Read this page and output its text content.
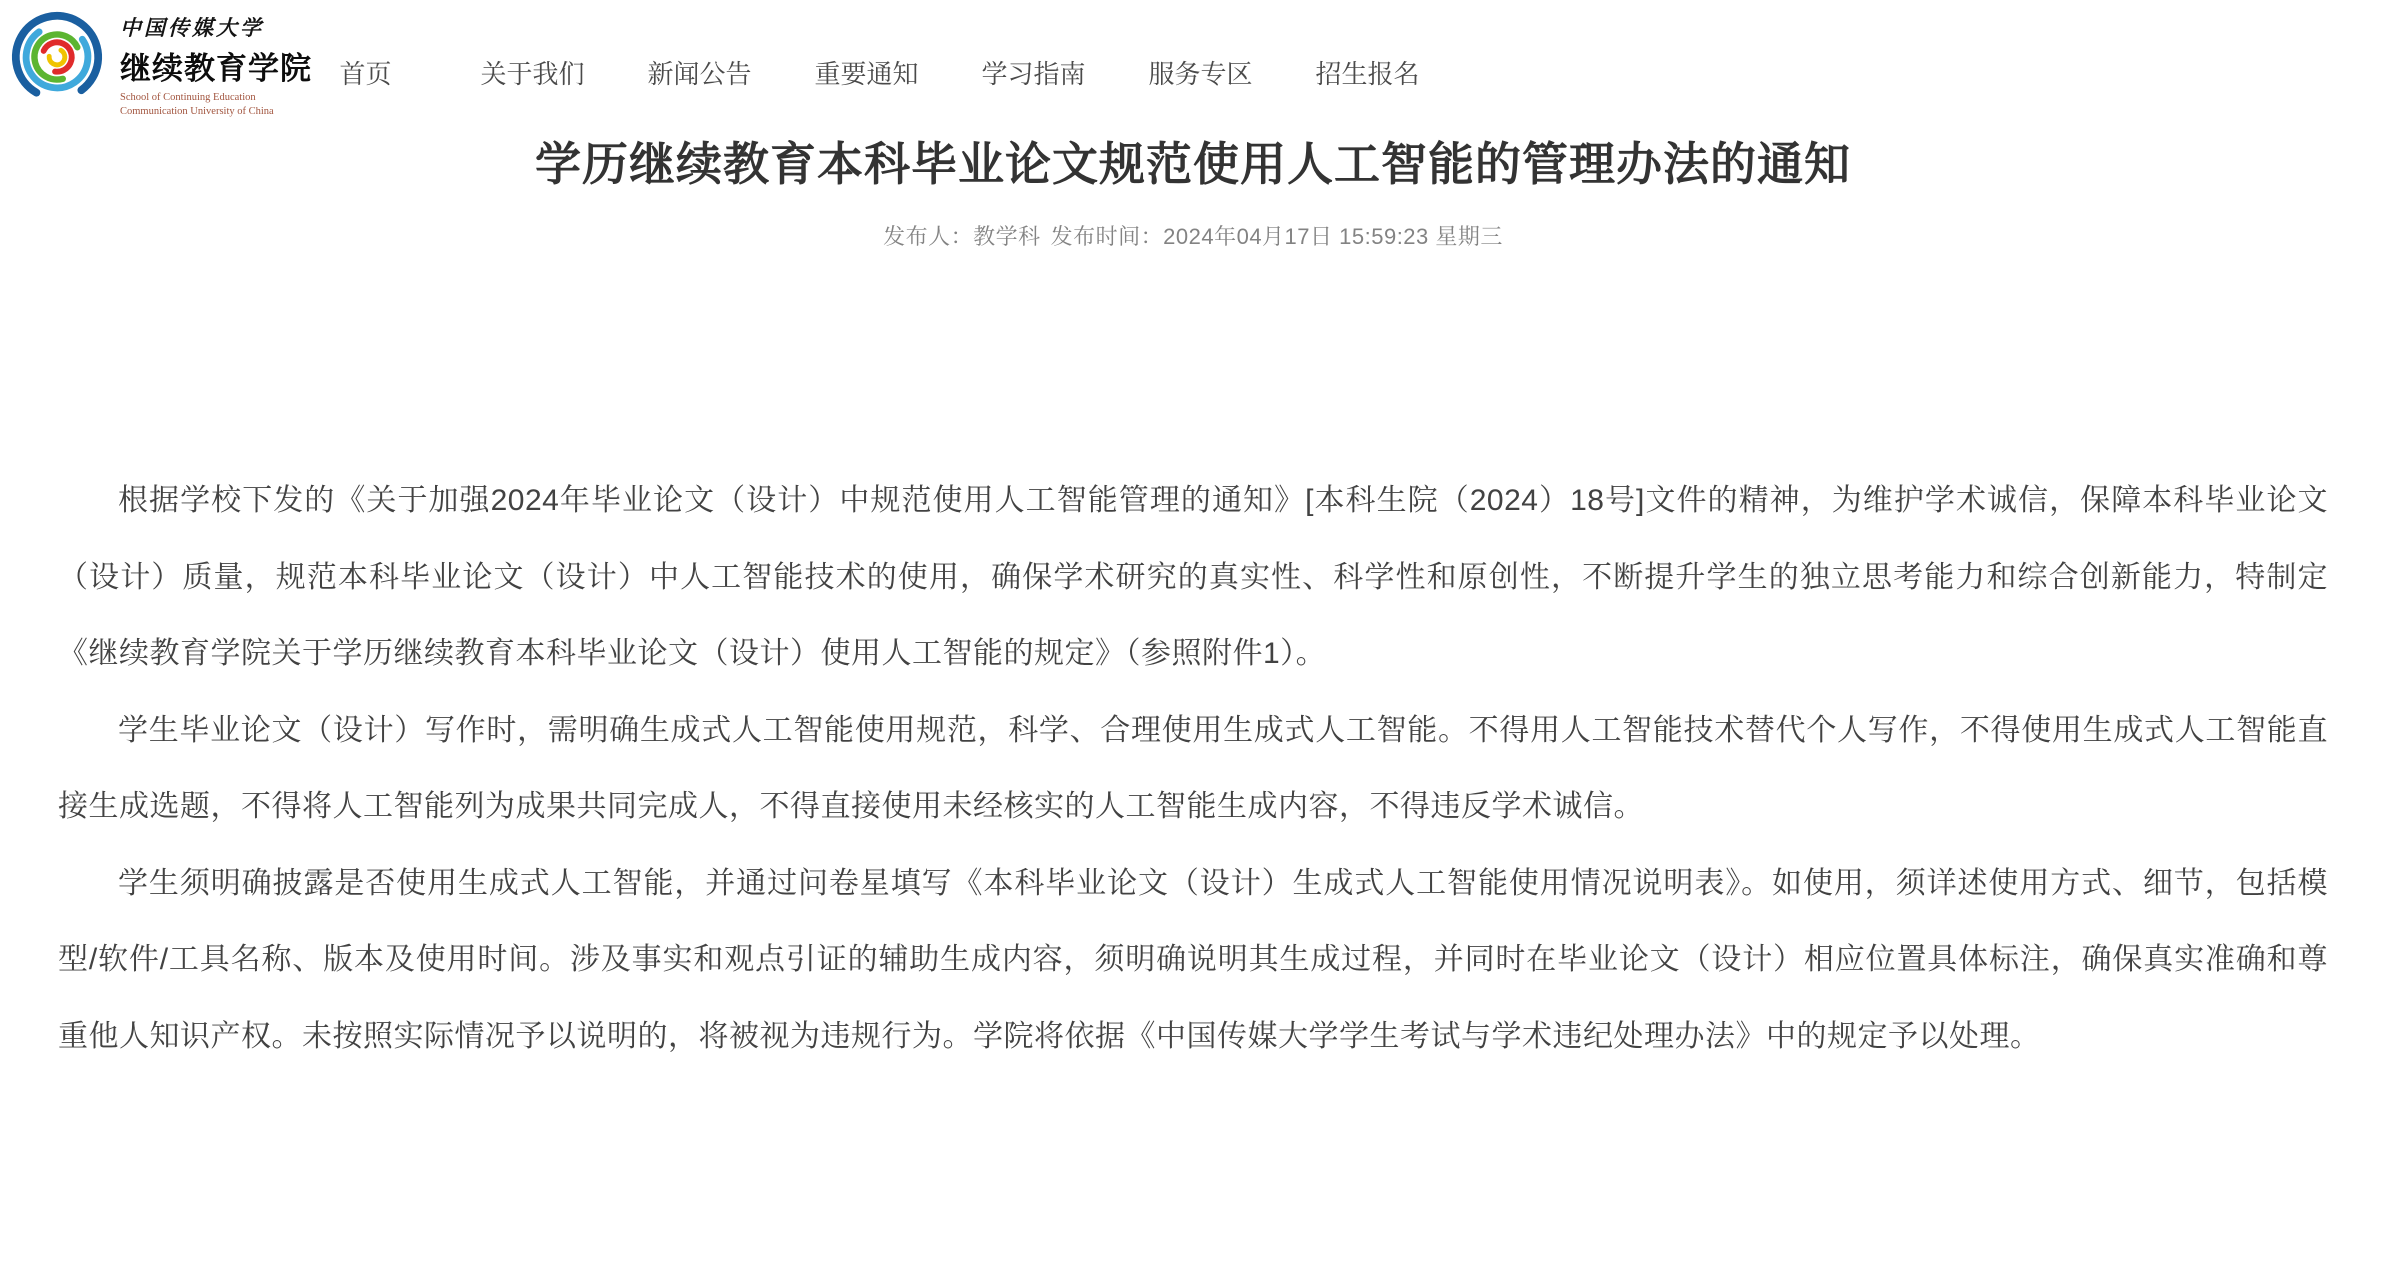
中国传媒大学
继续教育学院
School of Continuing Education
Communication University of China
首页	关于我们	新闻公告	重要通知	学习指南	服务专区	招生报名
学历继续教育本科毕业论文规范使用人工智能的管理办法的通知
发布人：教学科 发布时间：2024年04月17日 15:59:23 星期三

根据学校下发的《关于加强2024年毕业论文（设计）中规范使用人工智能管理的通知》[本科生院（2024）18号]文件的精神，为维护学术诚信，保障本科毕业论文（设计）质量，规范本科毕业论文（设计）中人工智能技术的使用，确保学术研究的真实性、科学性和原创性，不断提升学生的独立思考能力和综合创新能力，特制定《继续教育学院关于学历继续教育本科毕业论文（设计）使用人工智能的规定》（参照附件1）。

学生毕业论文（设计）写作时，需明确生成式人工智能使用规范，科学、合理使用生成式人工智能。不得用人工智能技术替代个人写作，不得使用生成式人工智能直接生成选题，不得将人工智能列为成果共同完成人，不得直接使用未经核实的人工智能生成内容，不得违反学术诚信。

学生须明确披露是否使用生成式人工智能，并通过问卷星填写《本科毕业论文（设计）生成式人工智能使用情况说明表》。如使用，须详述使用方式、细节，包括模型/软件/工具名称、版本及使用时间。涉及事实和观点引证的辅助生成内容，须明确说明其生成过程，并同时在毕业论文（设计）相应位置具体标注，确保真实准确和尊重他人知识产权。未按照实际情况予以说明的，将被视为违规行为。学院将依据《中国传媒大学学生考试与学术违纪处理办法》中的规定予以处理。
